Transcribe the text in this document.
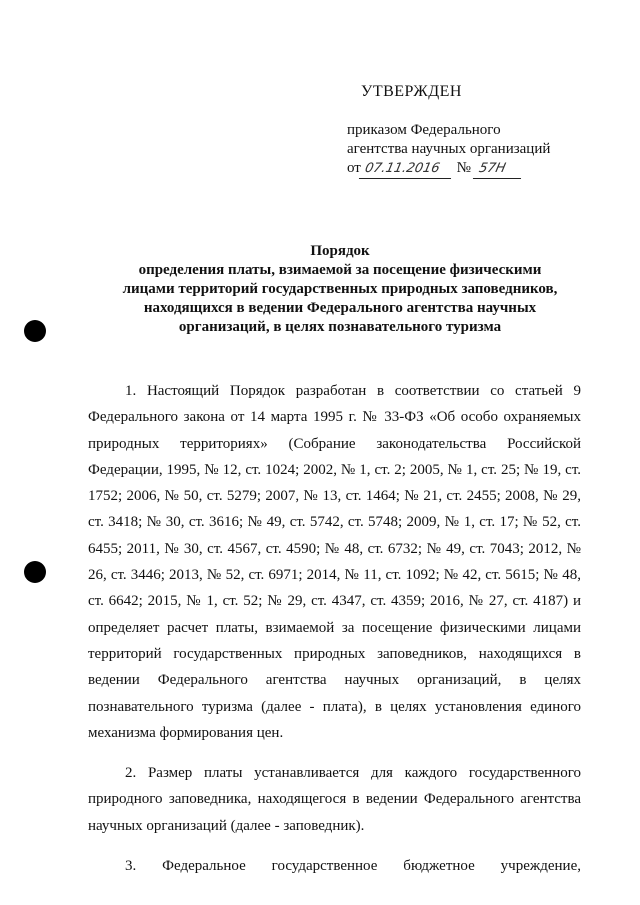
УТВЕРЖДЕН
приказом Федерального
агентства научных организаций
от 07.11.2016 № 57Н
Порядок
определения платы, взимаемой за посещение физическими
лицами территорий государственных природных заповедников,
находящихся в ведении Федерального агентства научных
организаций, в целях познавательного туризма

1. Настоящий Порядок разработан в соответствии со статьей 9 Федерального закона от 14 марта 1995 г. № 33-ФЗ «Об особо охраняемых природных территориях» (Собрание законодательства Российской Федерации, 1995, № 12, ст. 1024; 2002, № 1, ст. 2; 2005, № 1, ст. 25; № 19, ст. 1752; 2006, № 50, ст. 5279; 2007, № 13, ст. 1464; № 21, ст. 2455; 2008, № 29, ст. 3418; № 30, ст. 3616; № 49, ст. 5742, ст. 5748; 2009, № 1, ст. 17; № 52, ст. 6455; 2011, № 30, ст. 4567, ст. 4590; № 48, ст. 6732; № 49, ст. 7043; 2012, № 26, ст. 3446; 2013, № 52, ст. 6971; 2014, № 11, ст. 1092; № 42, ст. 5615; № 48, ст. 6642; 2015, № 1, ст. 52; № 29, ст. 4347, ст. 4359; 2016, № 27, ст. 4187) и определяет расчет платы, взимаемой за посещение физическими лицами территорий государственных природных заповедников, находящихся в ведении Федерального агентства научных организаций, в целях познавательного туризма (далее - плата), в целях установления единого механизма формирования цен.

2. Размер платы устанавливается для каждого государственного природного заповедника, находящегося в ведении Федерального агентства научных организаций (далее - заповедник).

3. Федеральное государственное бюджетное учреждение,
